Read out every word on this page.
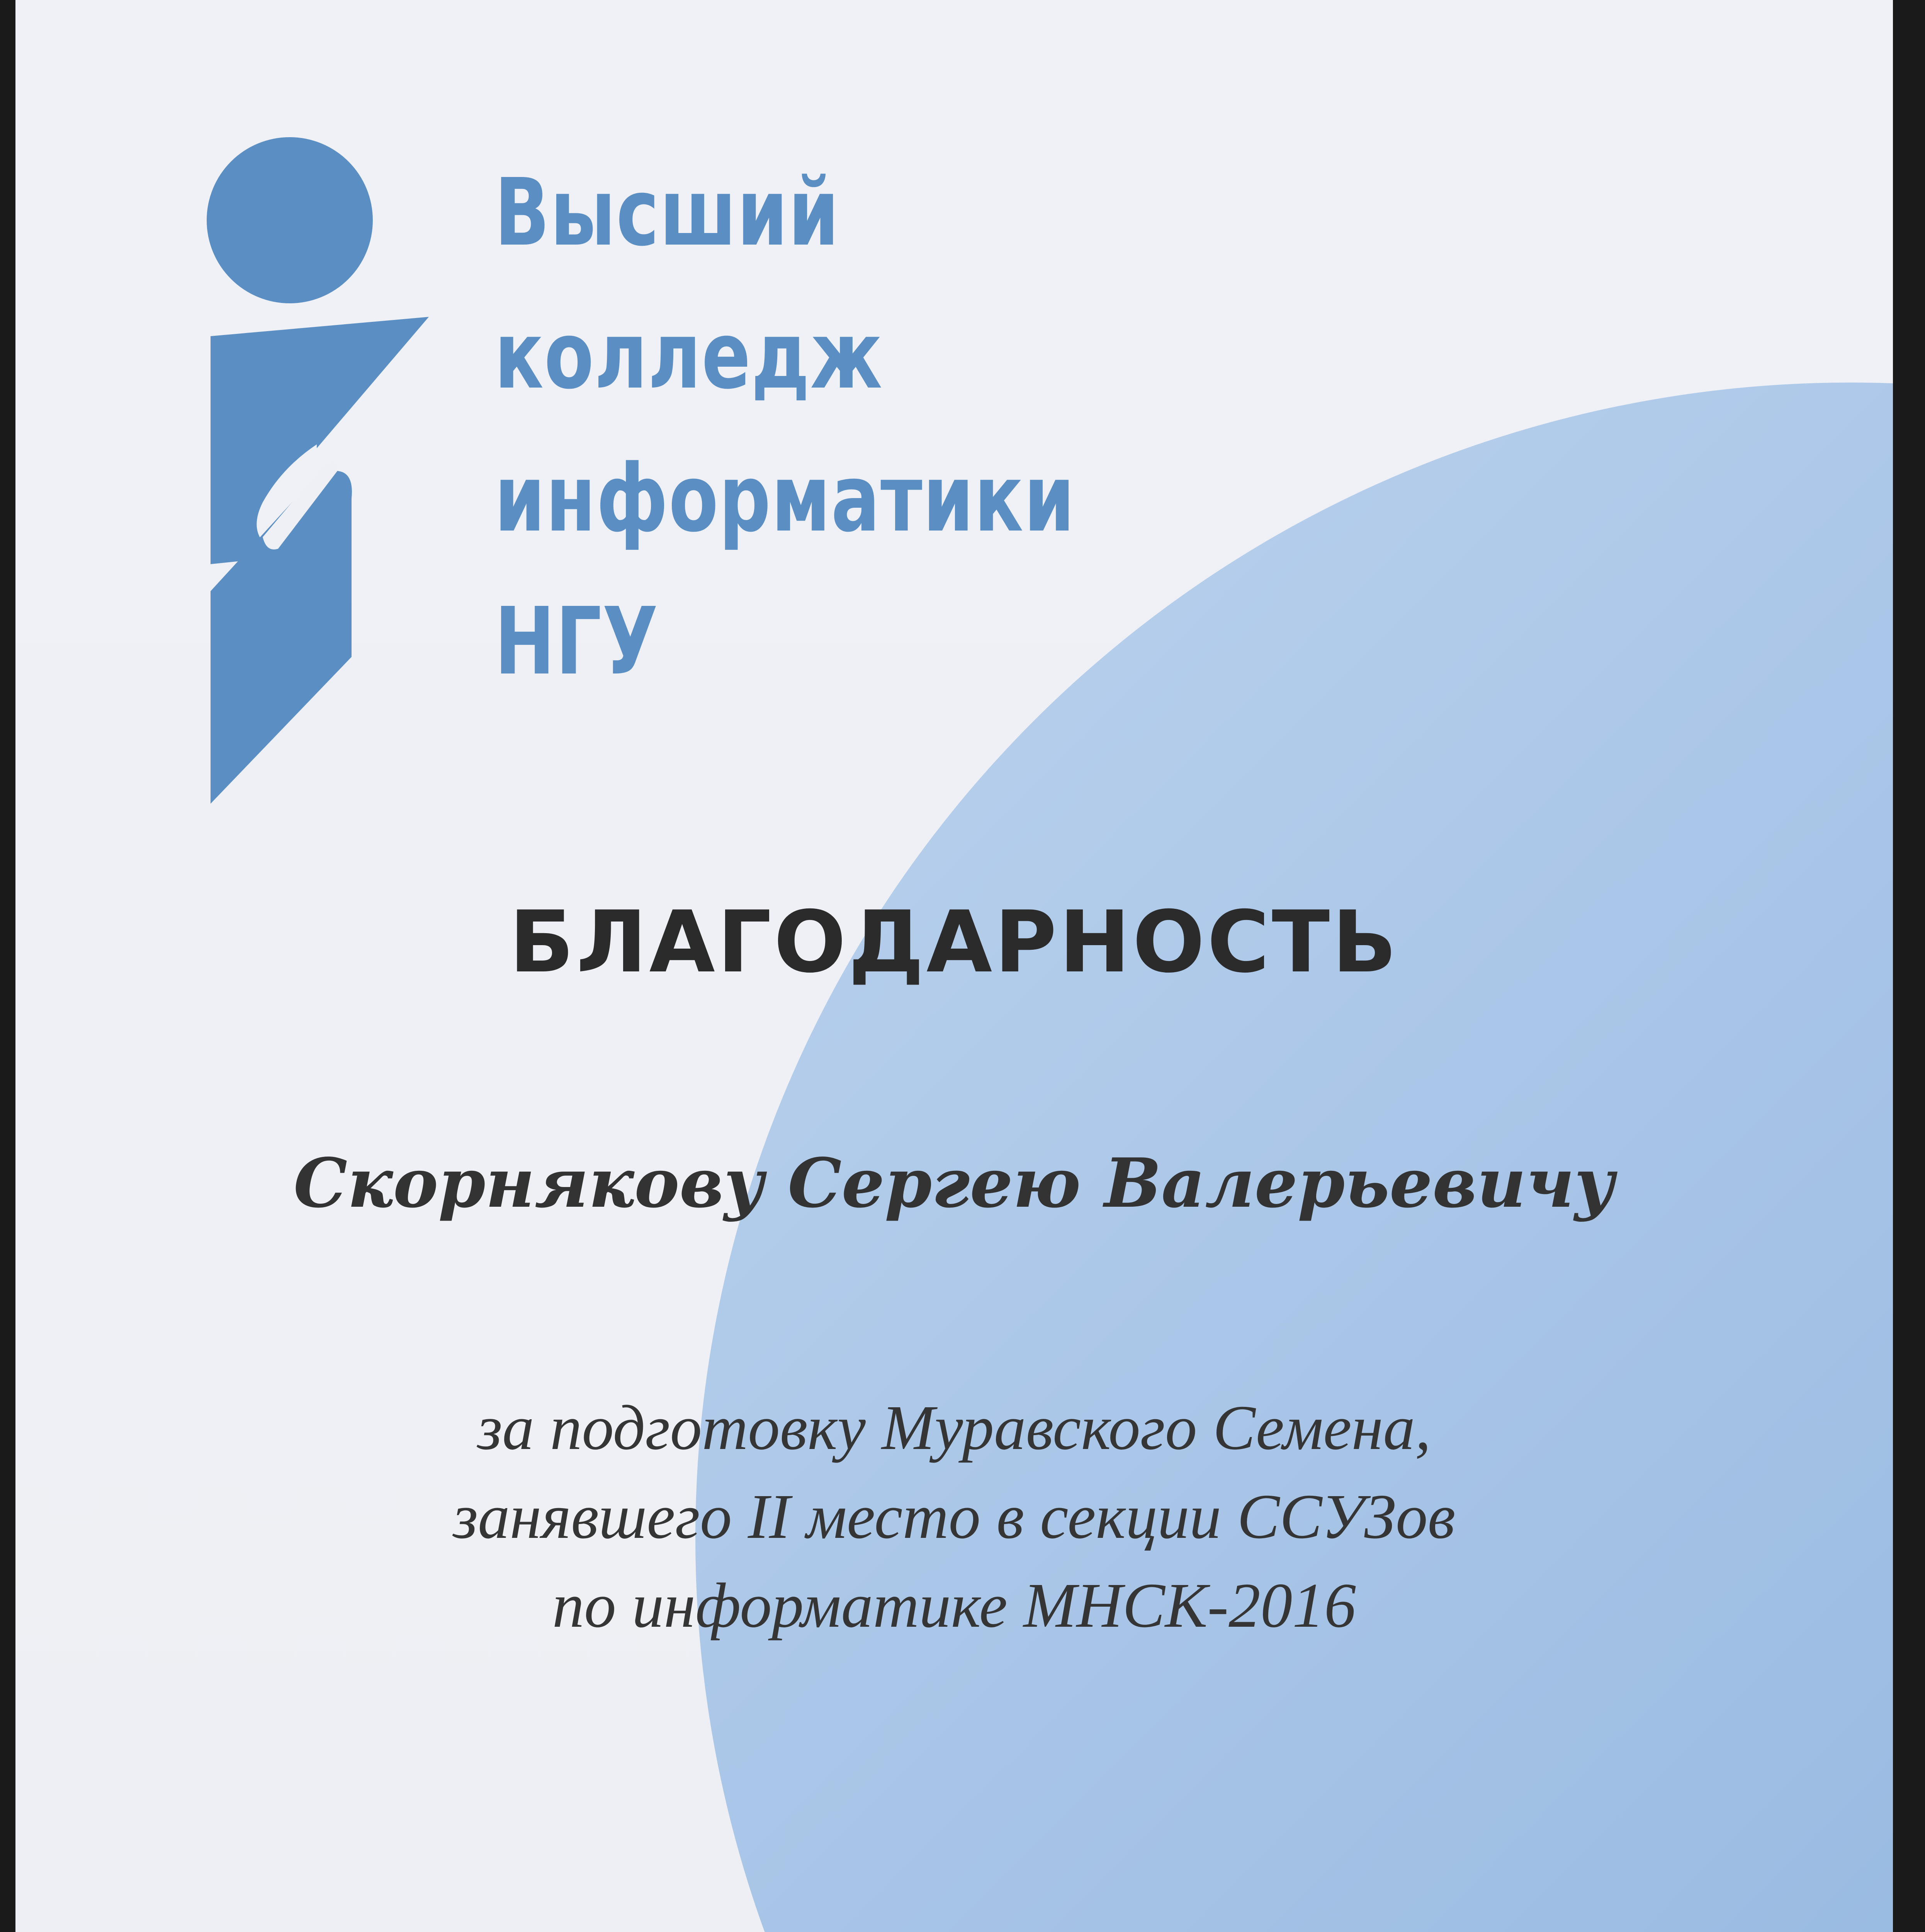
Высший
колледж
информатики
НГУ
БЛАГОДАРНОСТЬ
Скорнякову Сергею Валерьевичу
за подготовку Муравского Семена,
занявшего II место в секции ССУЗов
по информатике МНСК-2016
